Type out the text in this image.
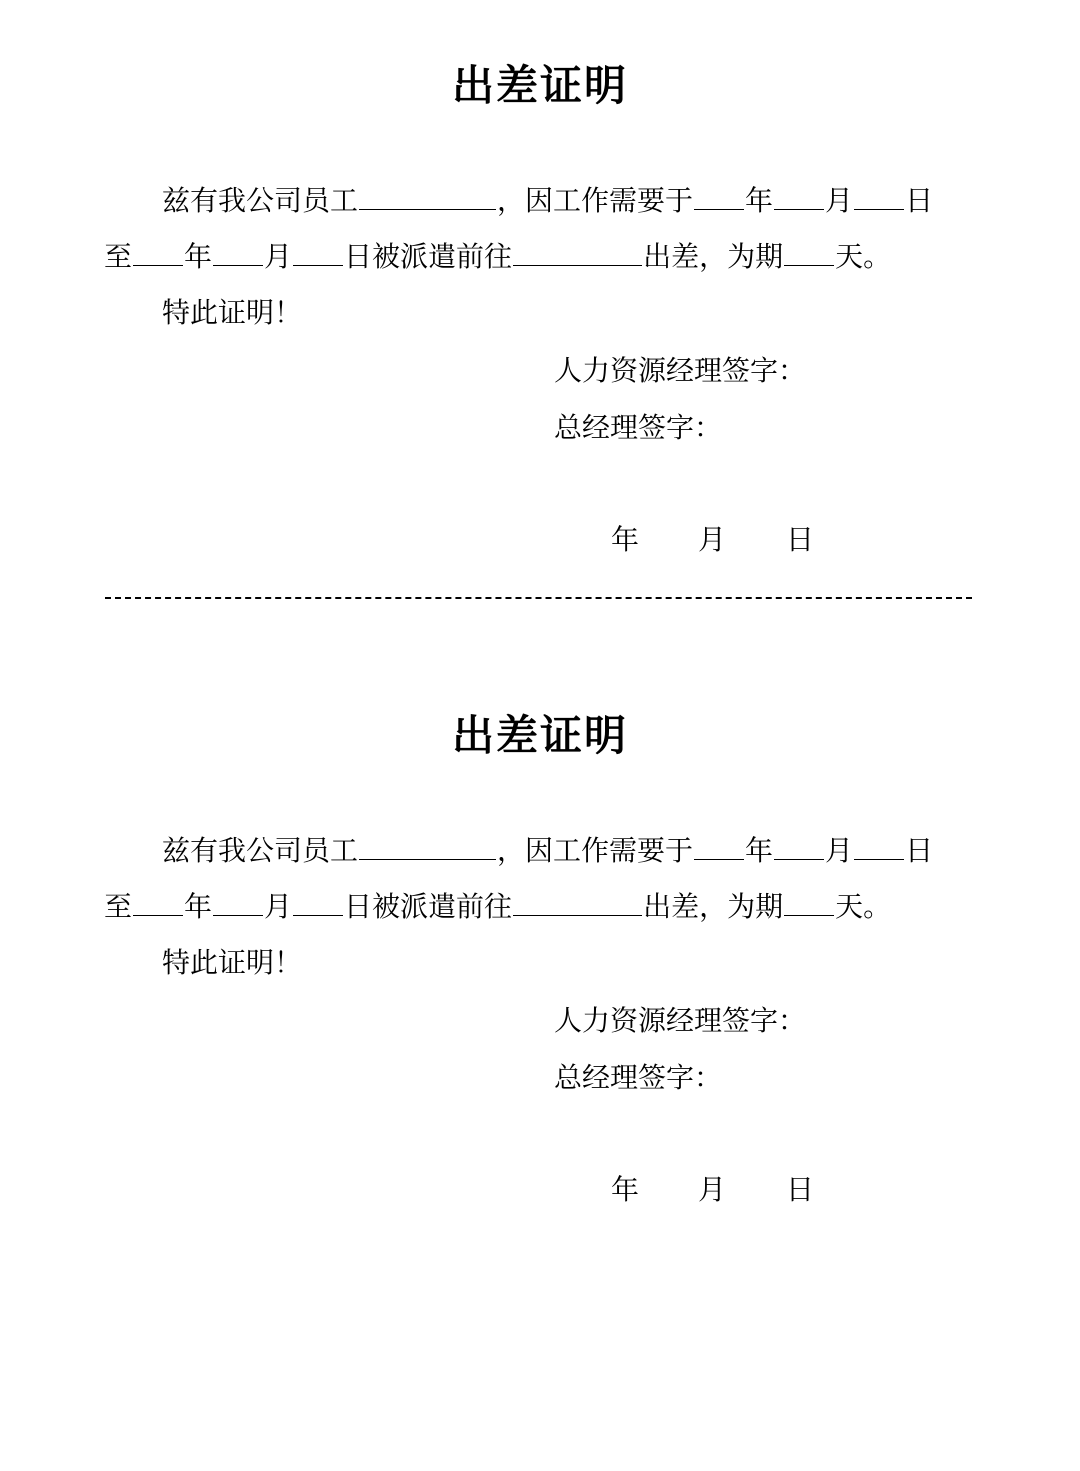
出差证明
兹有我公司员工	，因工作需要于 年 月 日
至 年 月 日被派遣前往	出差，为期 天。
特此证明！
人力资源经理签字：
总经理签字：
年 月 日
出差证明
兹有我公司员工	，因工作需要于 年 月 日
至 年 月 日被派遣前往	出差，为期 天。
特此证明！
人力资源经理签字：
总经理签字：
年 月 日
